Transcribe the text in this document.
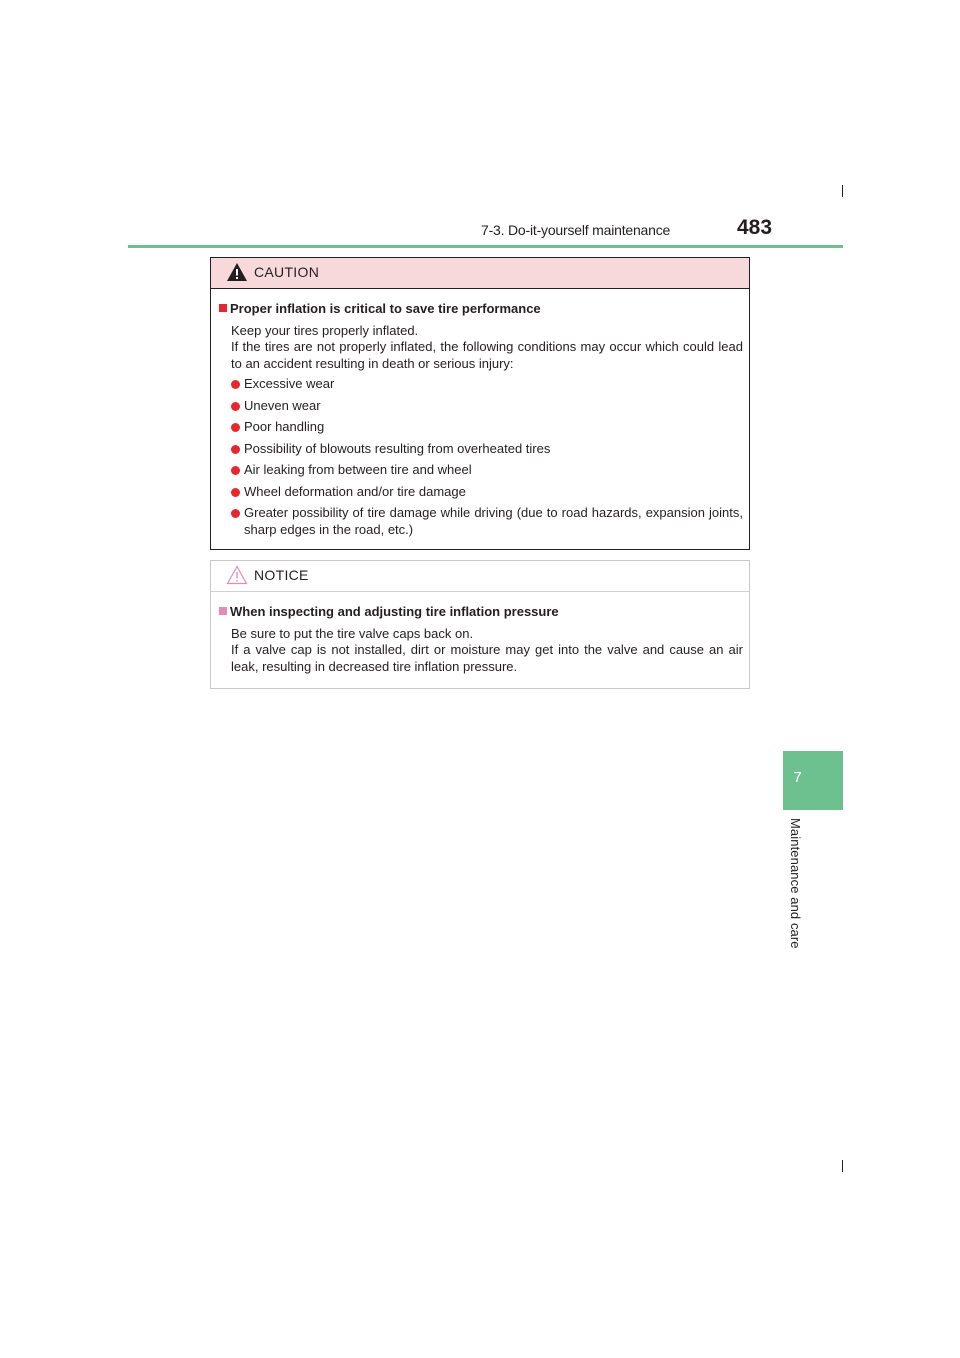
7-3. Do-it-yourself maintenance	483
7
Maintenance and care
CAUTION
Proper inflation is critical to save tire performance
Keep your tires properly inflated.
If the tires are not properly inflated, the following conditions may occur which could lead to an accident resulting in death or serious injury:
Excessive wear
Uneven wear
Poor handling
Possibility of blowouts resulting from overheated tires
Air leaking from between tire and wheel
Wheel deformation and/or tire damage
Greater possibility of tire damage while driving (due to road hazards, expansion joints, sharp edges in the road, etc.)
NOTICE
When inspecting and adjusting tire inflation pressure
Be sure to put the tire valve caps back on.
If a valve cap is not installed, dirt or moisture may get into the valve and cause an air leak, resulting in decreased tire inflation pressure.
